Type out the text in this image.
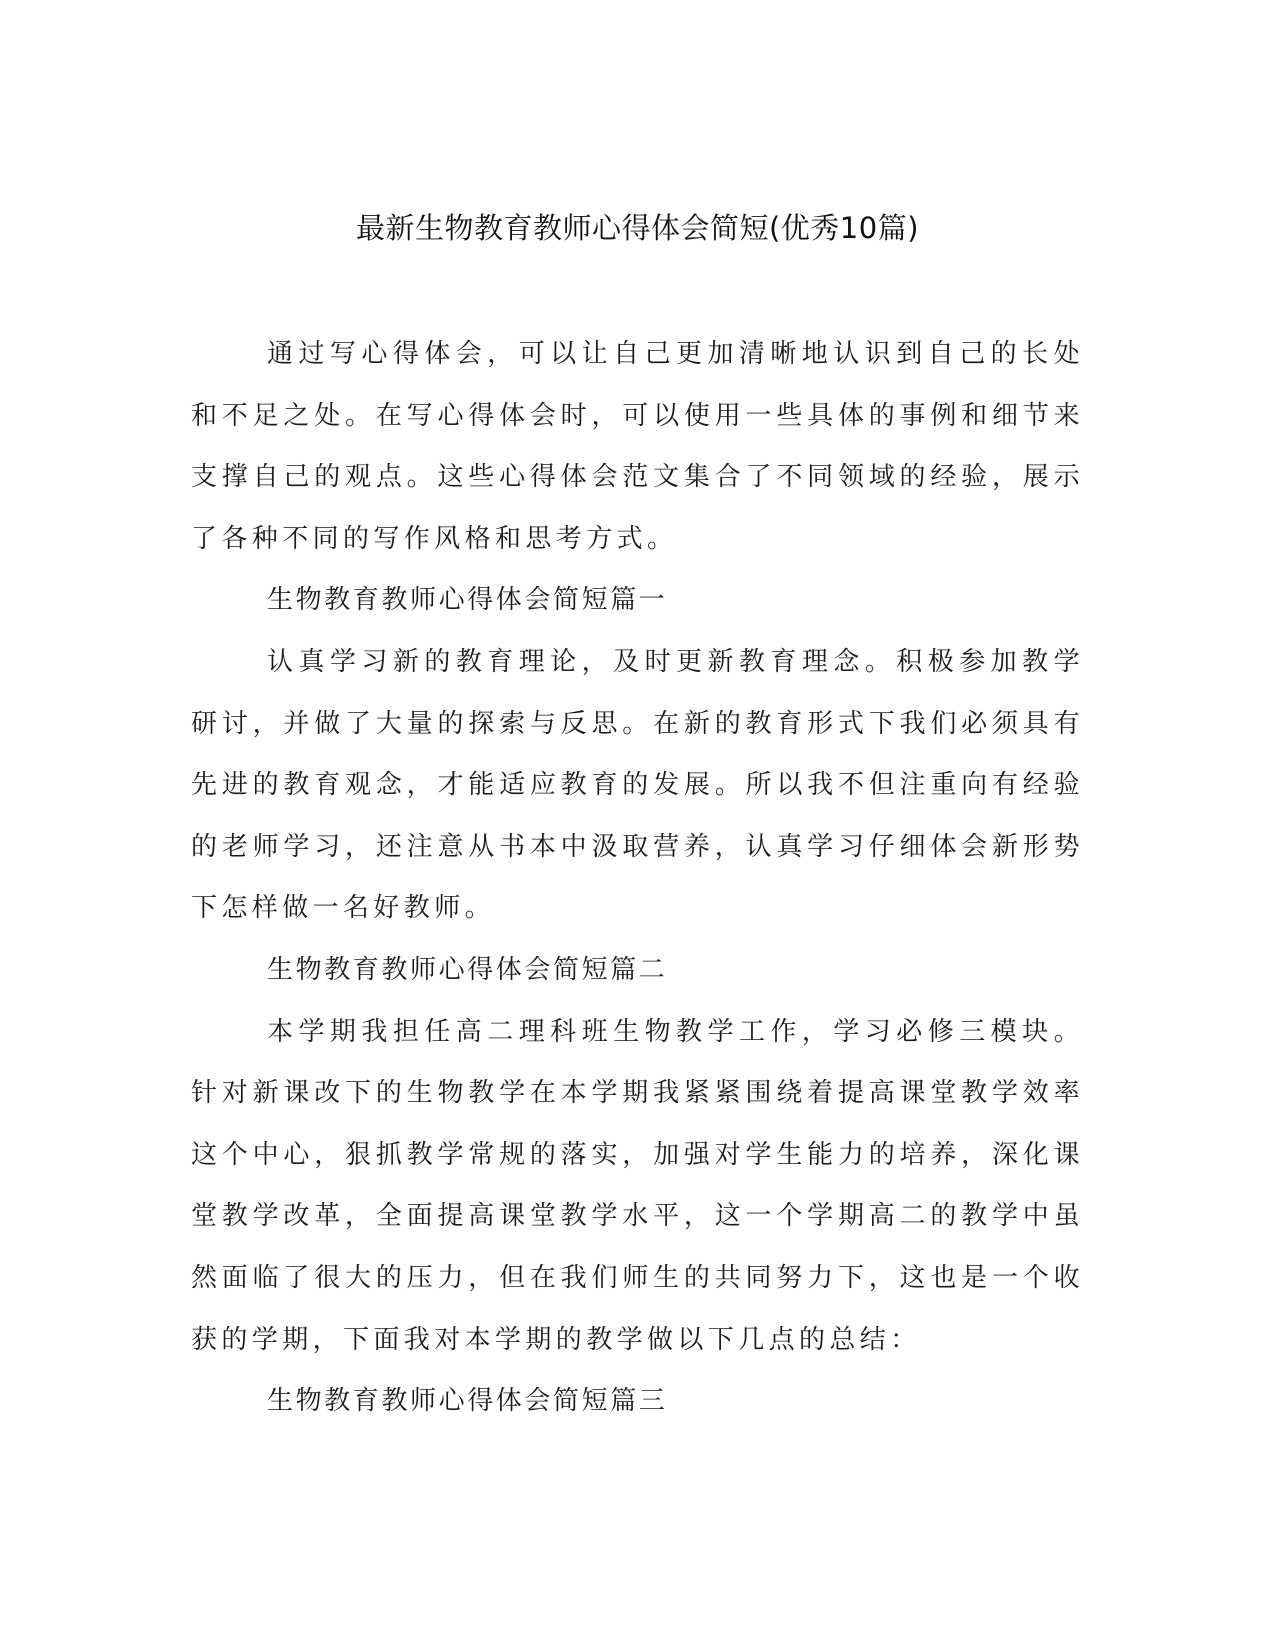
最新生物教育教师心得体会简短(优秀10篇)

通过写心得体会，可以让自己更加清晰地认识到自己的长处和不足之处。在写心得体会时，可以使用一些具体的事例和细节来支撑自己的观点。这些心得体会范文集合了不同领域的经验，展示了各种不同的写作风格和思考方式。

生物教育教师心得体会简短篇一

认真学习新的教育理论，及时更新教育理念。积极参加教学研讨，并做了大量的探索与反思。在新的教育形式下我们必须具有先进的教育观念，才能适应教育的发展。所以我不但注重向有经验的老师学习，还注意从书本中汲取营养，认真学习仔细体会新形势下怎样做一名好教师。

生物教育教师心得体会简短篇二

本学期我担任高二理科班生物教学工作，学习必修三模块。针对新课改下的生物教学在本学期我紧紧围绕着提高课堂教学效率这个中心，狠抓教学常规的落实，加强对学生能力的培养，深化课堂教学改革，全面提高课堂教学水平，这一个学期高二的教学中虽然面临了很大的压力，但在我们师生的共同努力下，这也是一个收获的学期，下面我对本学期的教学做以下几点的总结：

生物教育教师心得体会简短篇三
